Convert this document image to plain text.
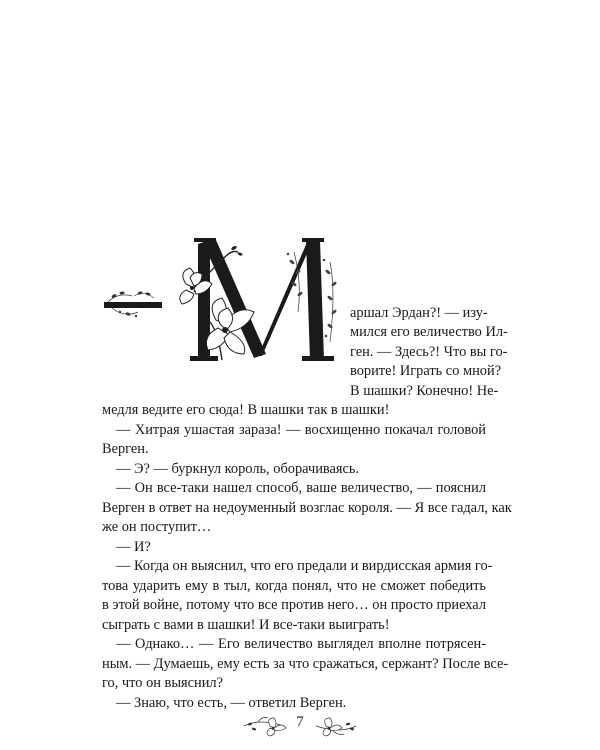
аршал Эрдан?! — изу-
мился его величество Ил-
ген. — Здесь?! Что вы го-
ворите! Играть со мной?
В шашки? Конечно! Не-
медля ведите его сюда! В шашки так в шашки!
— Хитрая ушастая зараза! — восхищенно покачал головой
Верген.
— Э? — буркнул король, оборачиваясь.
— Он все-таки нашел способ, ваше величество, — пояснил
Верген в ответ на недоуменный возглас короля. — Я все гадал, как
же он поступит…
— И?
— Когда он выяснил, что его предали и вирдисская армия го-
това ударить ему в тыл, когда понял, что не сможет победить
в этой войне, потому что все против него… он просто приехал
сыграть с вами в шашки! И все-таки выиграть!
— Однако… — Его величество выглядел вполне потрясен-
ным. — Думаешь, ему есть за что сражаться, сержант? После все-
го, что он выяснил?
— Знаю, что есть, — ответил Верген.
7
